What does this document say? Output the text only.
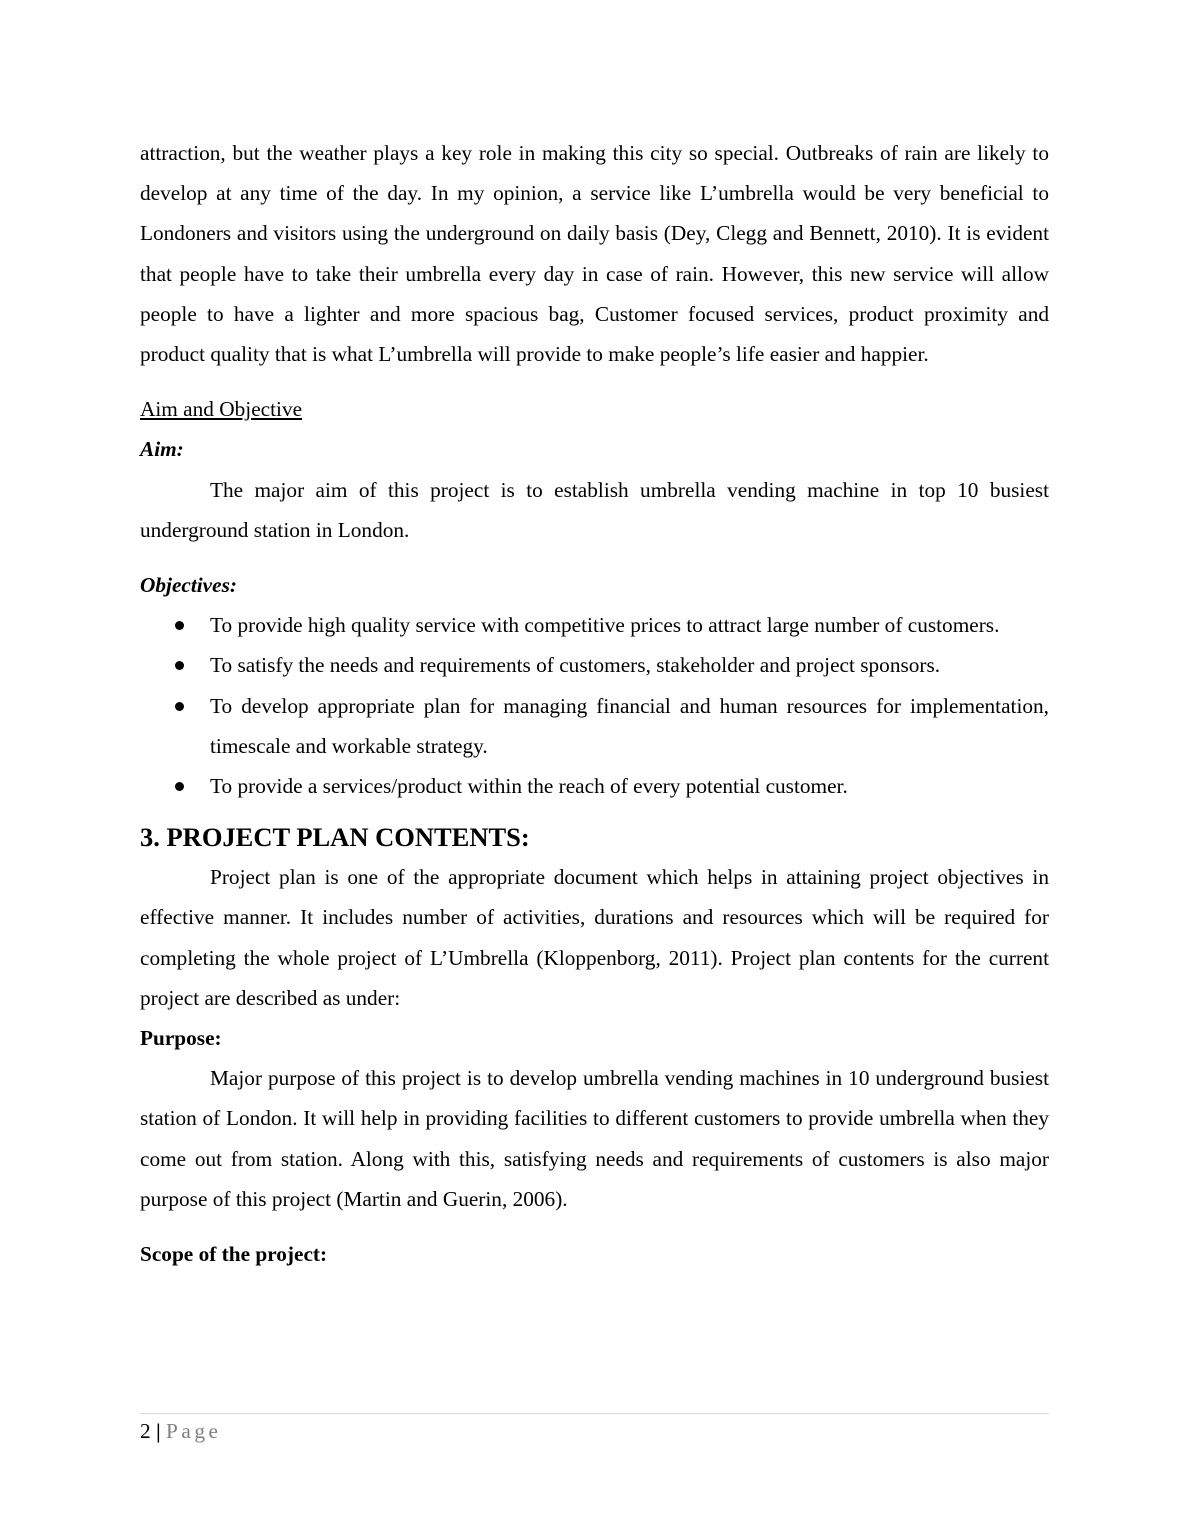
attraction, but the weather plays a key role in making this city so special. Outbreaks of rain are likely to develop at any time of the day. In my opinion, a service like L’umbrella would be very beneficial to Londoners and visitors using the underground on daily basis (Dey, Clegg and Bennett, 2010). It is evident that people have to take their umbrella every day in case of rain. However, this new service will allow people to have a lighter and more spacious bag, Customer focused services, product proximity and product quality that is what L’umbrella will provide to make people’s life easier and happier.

Aim and Objective

Aim:

The major aim of this project is to establish umbrella vending machine in top 10 busiest underground station in London.

Objectives:

To provide high quality service with competitive prices to attract large number of customers.
To satisfy the needs and requirements of customers, stakeholder and project sponsors.
To develop appropriate plan for managing financial and human resources for implementation, timescale and workable strategy.
To provide a services/product within the reach of every potential customer.
3. PROJECT PLAN CONTENTS:

Project plan is one of the appropriate document which helps in attaining project objectives in effective manner. It includes number of activities, durations and resources which will be required for completing the whole project of L’Umbrella (Kloppenborg, 2011). Project plan contents for the current project are described as under:

Purpose:

Major purpose of this project is to develop umbrella vending machines in 10 underground busiest station of London. It will help in providing facilities to different customers to provide umbrella when they come out from station. Along with this, satisfying needs and requirements of customers is also major purpose of this project (Martin and Guerin, 2006).

Scope of the project:

2 | Page
